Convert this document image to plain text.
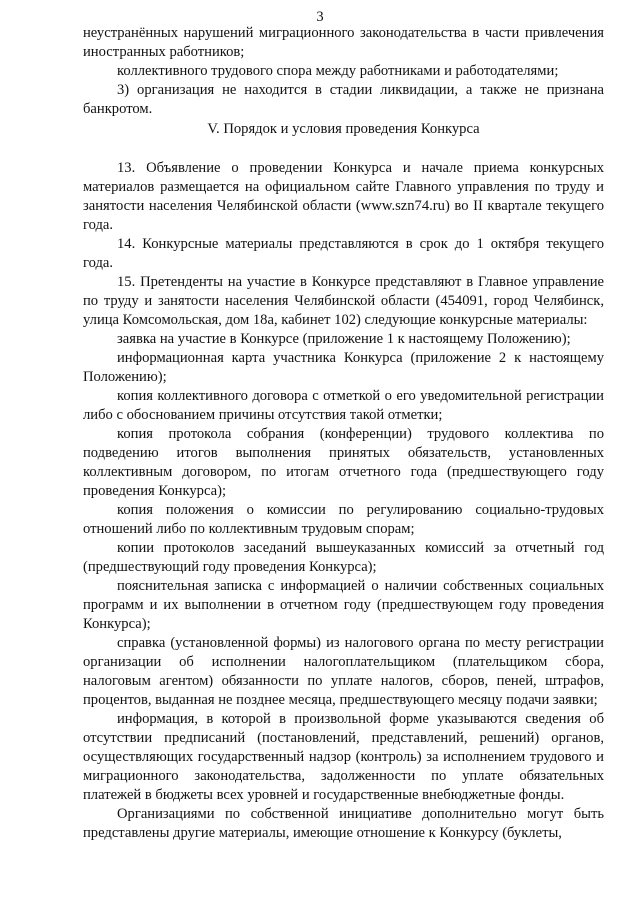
3

неустранённых нарушений миграционного законодательства в части привлечения иностранных работников;

коллективного трудового спора между работниками и работодателями;

3) организация не находится в стадии ликвидации, а также не признана банкротом.

V. Порядок и условия проведения Конкурса

13. Объявление о проведении Конкурса и начале приема конкурсных материалов размещается на официальном сайте Главного управления по труду и занятости населения Челябинской области (www.szn74.ru) во II квартале текущего года.

14. Конкурсные материалы представляются в срок до 1 октября текущего года.

15. Претенденты на участие в Конкурсе представляют в Главное управление по труду и занятости населения Челябинской области (454091, город Челябинск, улица Комсомольская, дом 18а, кабинет 102) следующие конкурсные материалы:

заявка на участие в Конкурсе (приложение 1 к настоящему Положению);

информационная карта участника Конкурса (приложение 2 к настоящему Положению);

копия коллективного договора с отметкой о его уведомительной регистрации либо с обоснованием причины отсутствия такой отметки;

копия протокола собрания (конференции) трудового коллектива по подведению итогов выполнения принятых обязательств, установленных коллективным договором, по итогам отчетного года (предшествующего году проведения Конкурса);

копия положения о комиссии по регулированию социально-трудовых отношений либо по коллективным трудовым спорам;

копии протоколов заседаний вышеуказанных комиссий за отчетный год (предшествующий году проведения Конкурса);

пояснительная записка с информацией о наличии собственных социальных программ и их выполнении в отчетном году (предшествующем году проведения Конкурса);

справка (установленной формы) из налогового органа по месту регистрации организации об исполнении налогоплательщиком (плательщиком сбора, налоговым агентом) обязанности по уплате налогов, сборов, пеней, штрафов, процентов, выданная не позднее месяца, предшествующего месяцу подачи заявки;

информация, в которой в произвольной форме указываются сведения об отсутствии предписаний (постановлений, представлений, решений) органов, осуществляющих государственный надзор (контроль) за исполнением трудового и миграционного законодательства, задолженности по уплате обязательных платежей в бюджеты всех уровней и государственные внебюджетные фонды.

Организациями по собственной инициативе дополнительно могут быть представлены другие материалы, имеющие отношение к Конкурсу (буклеты,
